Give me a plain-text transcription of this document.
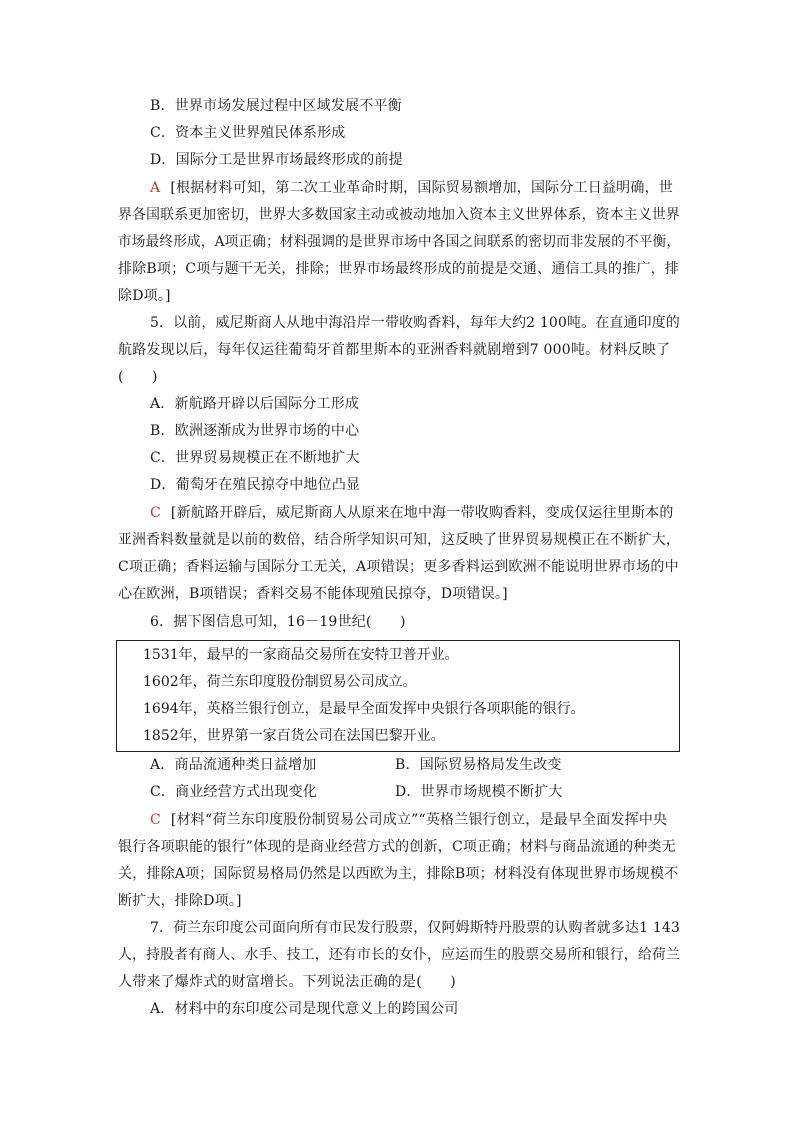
B．世界市场发展过程中区域发展不平衡
C．资本主义世界殖民体系形成
D．国际分工是世界市场最终形成的前提
A [根据材料可知，第二次工业革命时期，国际贸易额增加，国际分工日益明确，世
界各国联系更加密切，世界大多数国家主动或被动地加入资本主义世界体系，资本主义世界
市场最终形成，A项正确；材料强调的是世界市场中各国之间联系的密切而非发展的不平衡，
排除B项；C项与题干无关，排除；世界市场最终形成的前提是交通、通信工具的推广，排
除D项。]
5．以前，威尼斯商人从地中海沿岸一带收购香料，每年大约2 100吨。在直通印度的
航路发现以后，每年仅运往葡萄牙首都里斯本的亚洲香料就剧增到7 000吨。材料反映了
(　　)
A．新航路开辟以后国际分工形成
B．欧洲逐渐成为世界市场的中心
C．世界贸易规模正在不断地扩大
D．葡萄牙在殖民掠夺中地位凸显
C [新航路开辟后，威尼斯商人从原来在地中海一带收购香料，变成仅运往里斯本的
亚洲香料数量就是以前的数倍，结合所学知识可知，这反映了世界贸易规模正在不断扩大，
C项正确；香料运输与国际分工无关，A项错误；更多香料运到欧洲不能说明世界市场的中
心在欧洲，B项错误；香料交易不能体现殖民掠夺，D项错误。]
6．据下图信息可知，16－19世纪(　　)
1531年，最早的一家商品交易所在安特卫普开业。
1602年，荷兰东印度股份制贸易公司成立。
1694年，英格兰银行创立，是最早全面发挥中央银行各项职能的银行。
1852年，世界第一家百货公司在法国巴黎开业。
A．商品流通种类日益增加	B．国际贸易格局发生改变
C．商业经营方式出现变化	D．世界市场规模不断扩大
C [材料“荷兰东印度股份制贸易公司成立”“英格兰银行创立，是最早全面发挥中央
银行各项职能的银行”体现的是商业经营方式的创新，C项正确；材料与商品流通的种类无
关，排除A项；国际贸易格局仍然是以西欧为主，排除B项；材料没有体现世界市场规模不
断扩大，排除D项。]
7．荷兰东印度公司面向所有市民发行股票，仅阿姆斯特丹股票的认购者就多达1 143
人，持股者有商人、水手、技工，还有市长的女仆，应运而生的股票交易所和银行，给荷兰
人带来了爆炸式的财富增长。下列说法正确的是(　　)
A．材料中的东印度公司是现代意义上的跨国公司
